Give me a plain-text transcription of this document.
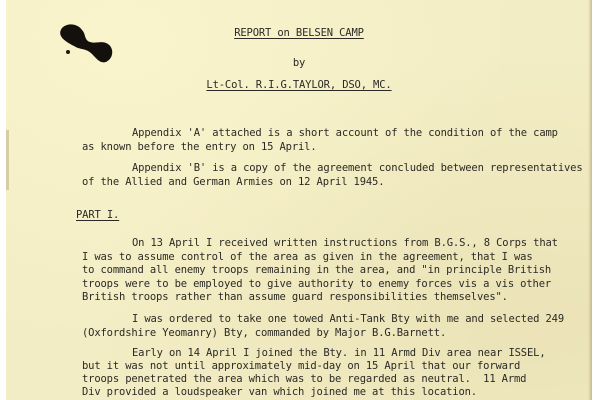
REPORT on BELSEN CAMP

by

Lt-Col. R.I.G.TAYLOR, DSO, MC.

Appendix 'A' attached is a short account of the condition of the camp

as known before the entry on 15 April.

Appendix 'B' is a copy of the agreement concluded between representatives

of the Allied and German Armies on 12 April 1945.

PART I.

On 13 April I received written instructions from B.G.S., 8 Corps that

I was to assume control of the area as given in the agreement, that I was

to command all enemy troops remaining in the area, and "in principle British

troops were to be employed to give authority to enemy forces vis a vis other

British troops rather than assume guard responsibilities themselves".

I was ordered to take one towed Anti-Tank Bty with me and selected 249

(Oxfordshire Yeomanry) Bty, commanded by Major B.G.Barnett.

Early on 14 April I joined the Bty. in 11 Armd Div area near ISSEL,

but it was not until approximately mid-day on 15 April that our forward

troops penetrated the area which was to be regarded as neutral.  11 Armd

Div provided a loudspeaker van which joined me at this location.
